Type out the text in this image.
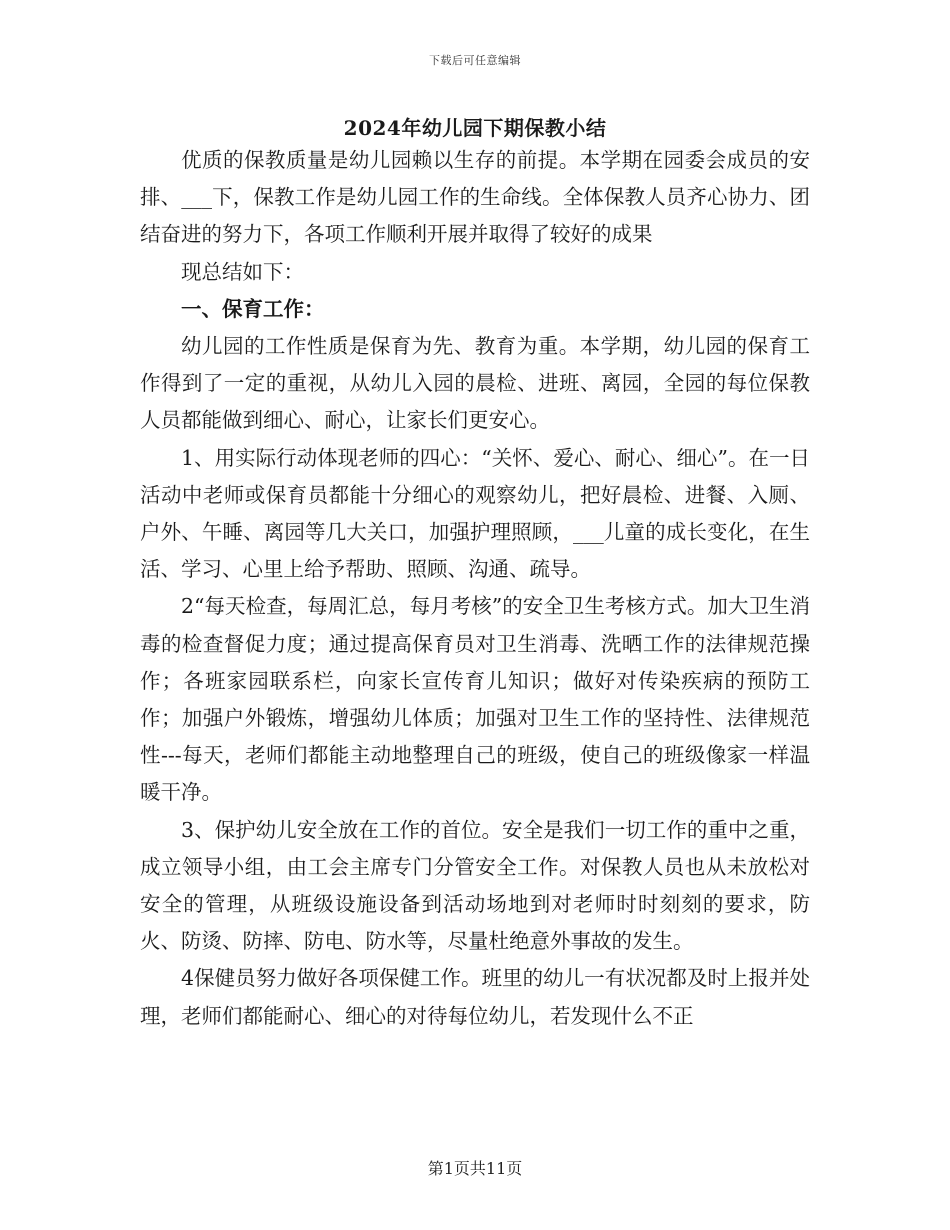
下载后可任意编辑
2024年幼儿园下期保教小结

优质的保教质量是幼儿园赖以生存的前提。本学期在园委会成员的安排、___下，保教工作是幼儿园工作的生命线。全体保教人员齐心协力、团结奋进的努力下，各项工作顺利开展并取得了较好的成果

现总结如下：

一、保育工作：

幼儿园的工作性质是保育为先、教育为重。本学期，幼儿园的保育工作得到了一定的重视，从幼儿入园的晨检、进班、离园，全园的每位保教人员都能做到细心、耐心，让家长们更安心。

1、用实际行动体现老师的四心：“关怀、爱心、耐心、细心”。在一日活动中老师或保育员都能十分细心的观察幼儿，把好晨检、进餐、入厕、户外、午睡、离园等几大关口，加强护理照顾，___儿童的成长变化，在生活、学习、心里上给予帮助、照顾、沟通、疏导。

2“每天检查，每周汇总，每月考核”的安全卫生考核方式。加大卫生消毒的检查督促力度；通过提高保育员对卫生消毒、洗晒工作的法律规范操作；各班家园联系栏，向家长宣传育儿知识；做好对传染疾病的预防工作；加强户外锻炼，增强幼儿体质；加强对卫生工作的坚持性、法律规范性---每天，老师们都能主动地整理自己的班级，使自己的班级像家一样温暖干净。

3、保护幼儿安全放在工作的首位。安全是我们一切工作的重中之重，成立领导小组，由工会主席专门分管安全工作。对保教人员也从未放松对安全的管理，从班级设施设备到活动场地到对老师时时刻刻的要求，防火、防烫、防摔、防电、防水等，尽量杜绝意外事故的发生。

4保健员努力做好各项保健工作。班里的幼儿一有状况都及时上报并处理，老师们都能耐心、细心的对待每位幼儿，若发现什么不正

第1页共11页
